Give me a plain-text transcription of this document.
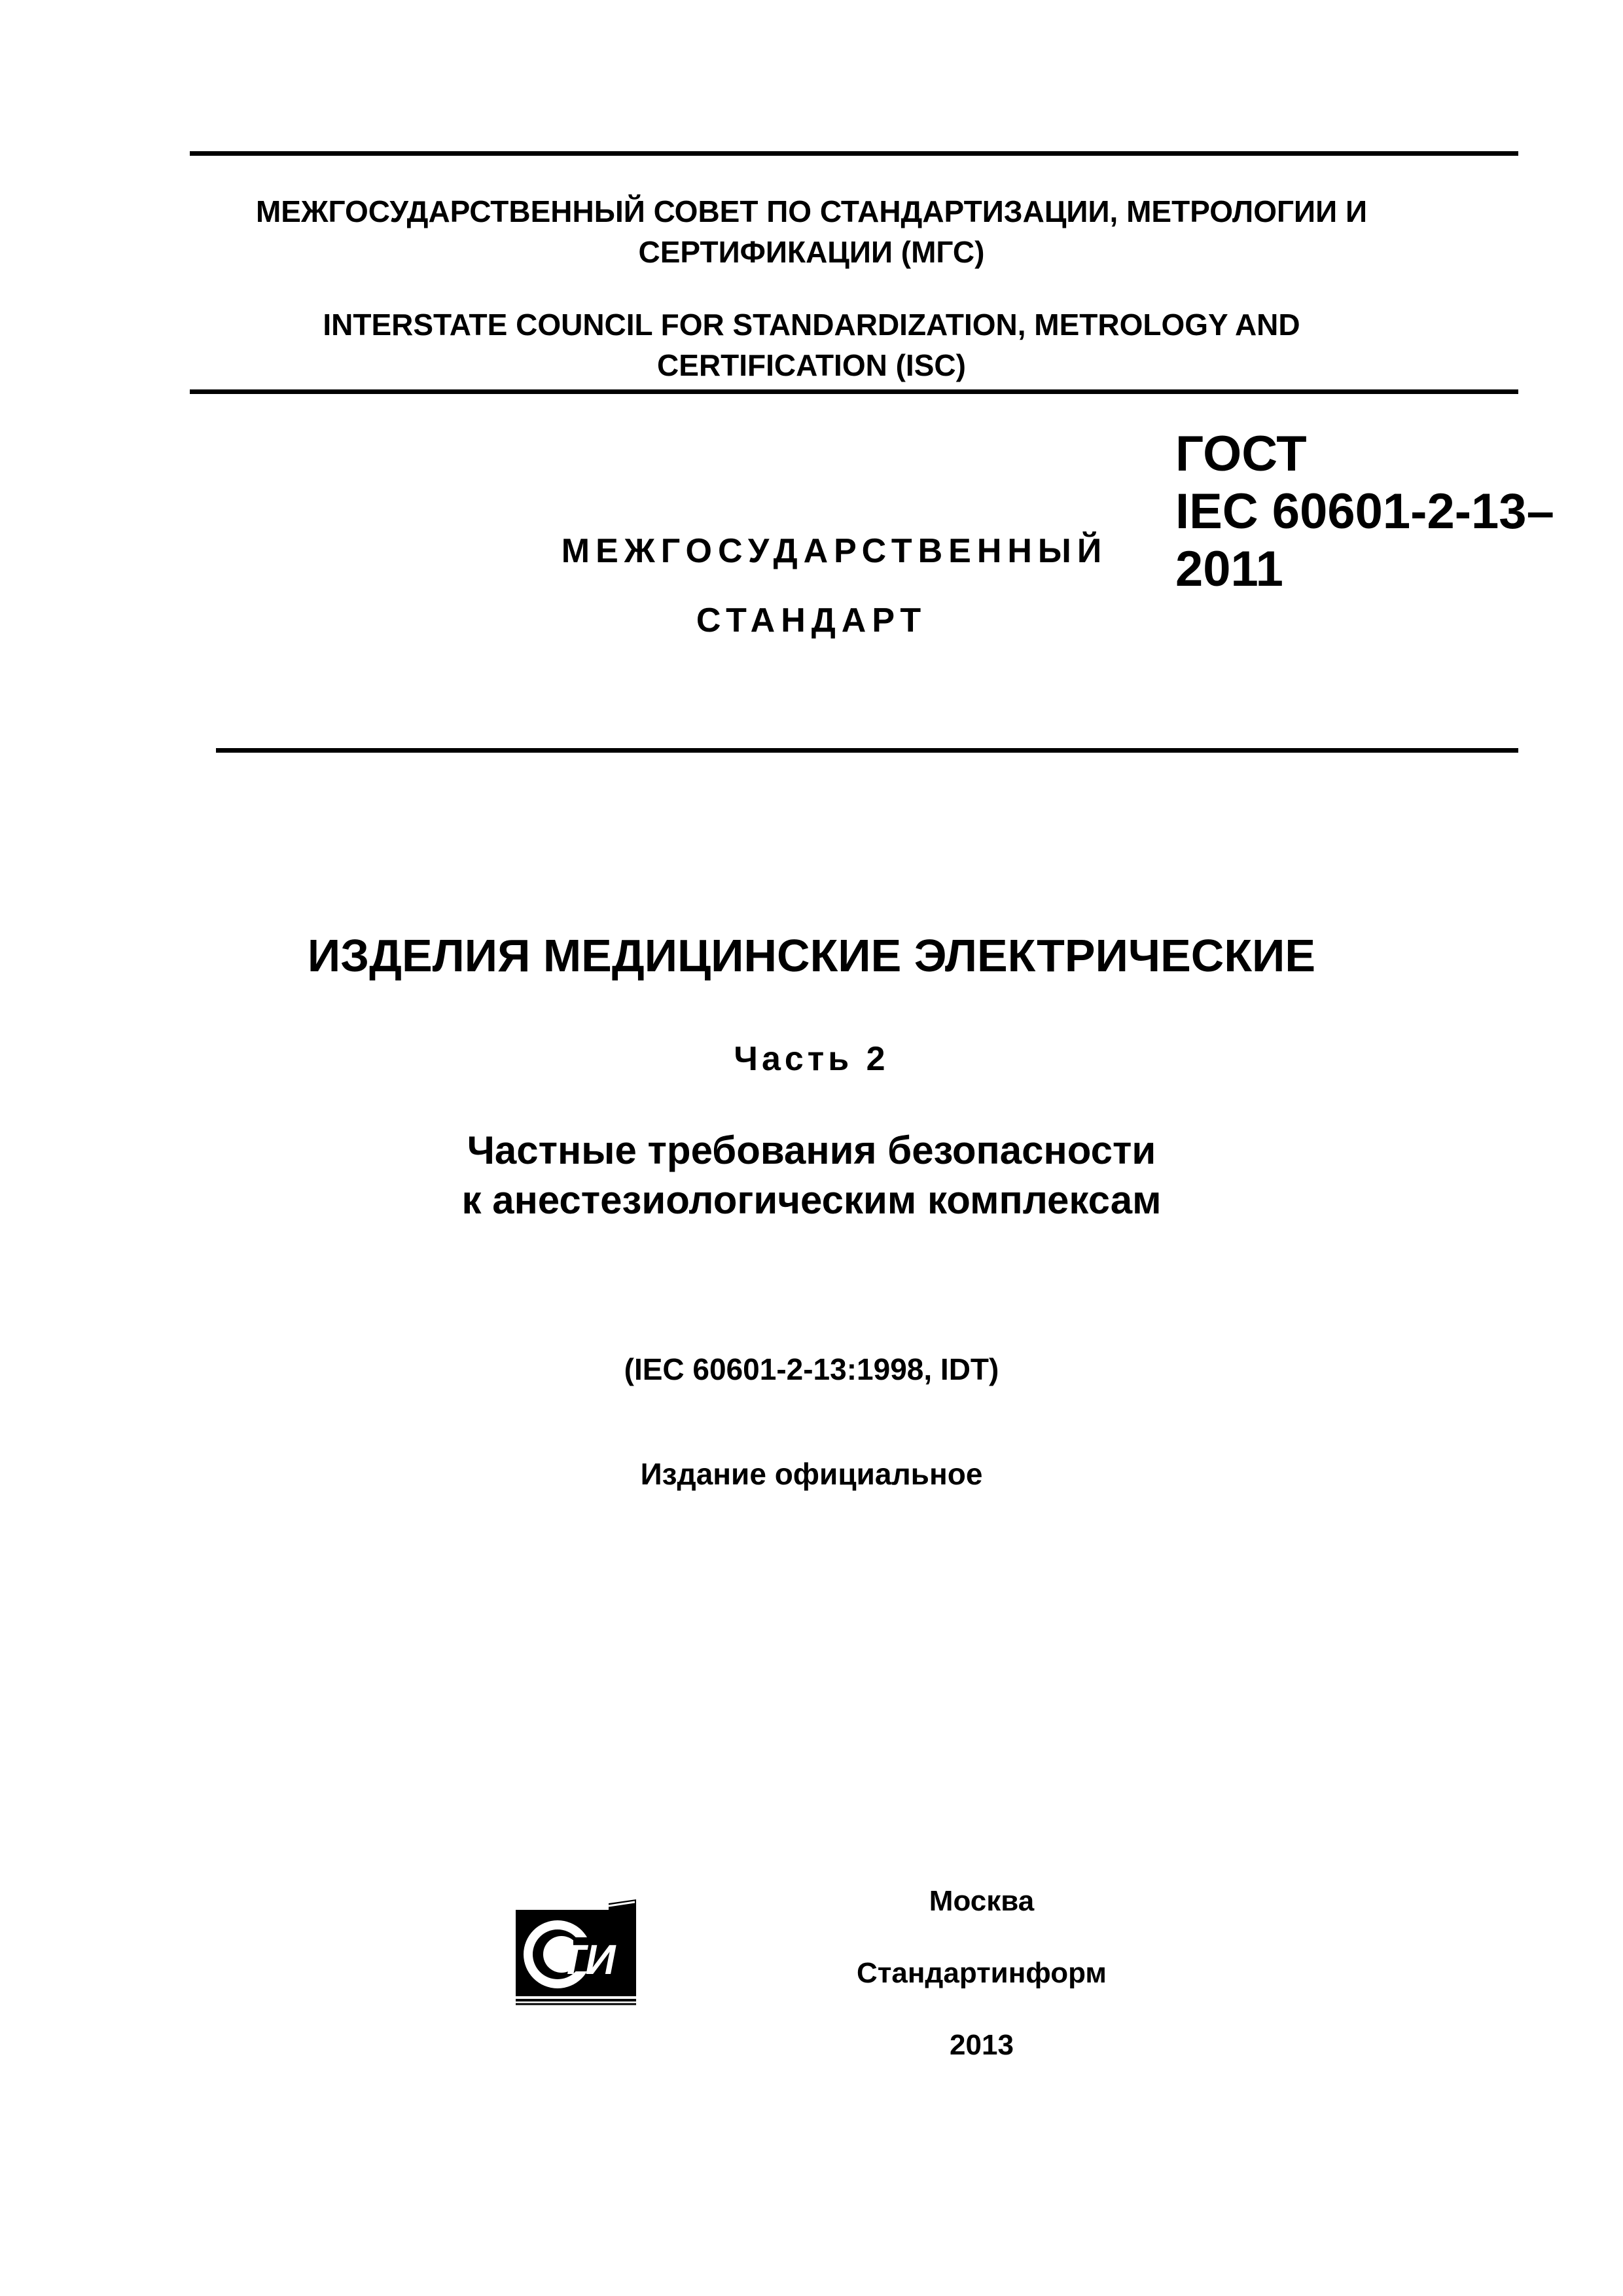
МЕЖГОСУДАРСТВЕННЫЙ СОВЕТ ПО СТАНДАРТИЗАЦИИ, МЕТРОЛОГИИ И
СЕРТИФИКАЦИИ (МГС)
INTERSTATE COUNCIL FOR STANDARDIZATION, METROLOGY AND
CERTIFICATION (ISC)
МЕЖГОСУДАРСТВЕННЫЙ
СТАНДАРТ
ГОСТ
IEC 60601-2-13–
2011
ИЗДЕЛИЯ МЕДИЦИНСКИЕ ЭЛЕКТРИЧЕСКИЕ
Часть 2
Частные требования безопасности
к анестезиологическим комплексам
(IEC 60601-2-13:1998, IDT)
Издание официальное
ТИ
Москва
Стандартинформ
2013
